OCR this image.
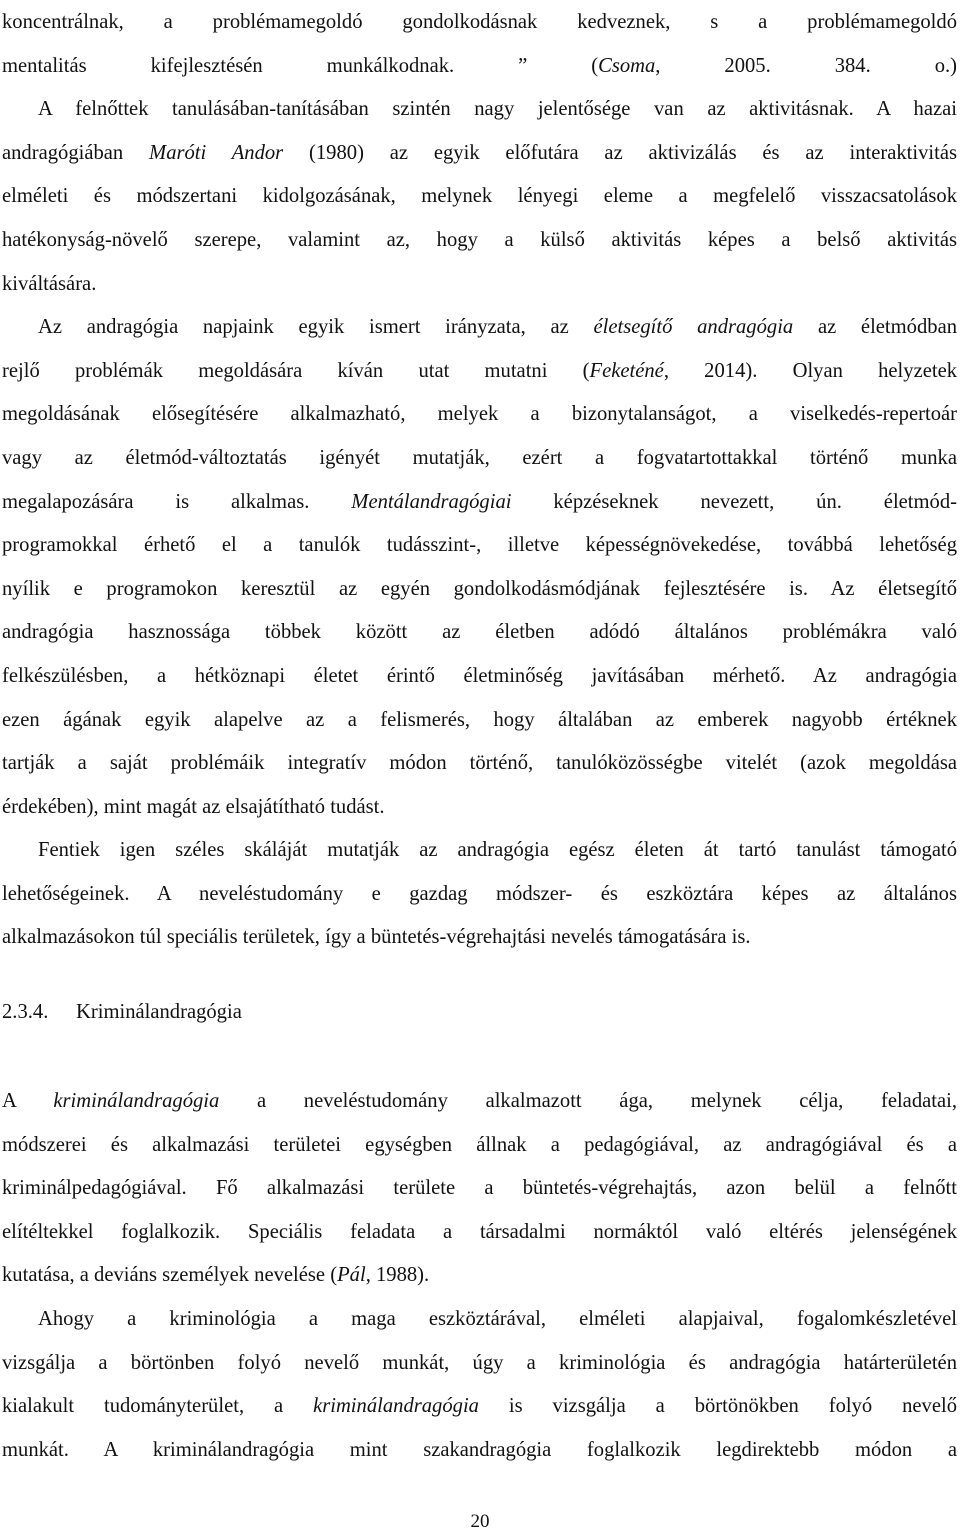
koncentrálnak, a problémamegoldó gondolkodásnak kedveznek, s a problémamegoldó
mentalitás kifejlesztésén munkálkodnak. ” (Csoma, 2005. 384. o.)
A felnőttek tanulásában-tanításában szintén nagy jelentősége van az aktivitásnak. A hazai
andragógiában Maróti Andor (1980) az egyik előfutára az aktivizálás és az interaktivitás
elméleti és módszertani kidolgozásának, melynek lényegi eleme a megfelelő visszacsatolások
hatékonyság-növelő szerepe, valamint az, hogy a külső aktivitás képes a belső aktivitás
kiváltására.
Az andragógia napjaink egyik ismert irányzata, az életsegítő andragógia az életmódban
rejlő problémák megoldására kíván utat mutatni (Feketéné, 2014). Olyan helyzetek
megoldásának elősegítésére alkalmazható, melyek a bizonytalanságot, a viselkedés-repertoár
vagy az életmód-változtatás igényét mutatják, ezért a fogvatartottakkal történő munka
megalapozására is alkalmas. Mentálandragógiai képzéseknek nevezett, ún. életmód-
programokkal érhető el a tanulók tudásszint-, illetve képességnövekedése, továbbá lehetőség
nyílik e programokon keresztül az egyén gondolkodásmódjának fejlesztésére is. Az életsegítő
andragógia hasznossága többek között az életben adódó általános problémákra való
felkészülésben, a hétköznapi életet érintő életminőség javításában mérhető. Az andragógia
ezen ágának egyik alapelve az a felismerés, hogy általában az emberek nagyobb értéknek
tartják a saját problémáik integratív módon történő, tanulóközösségbe vitelét (azok megoldása
érdekében), mint magát az elsajátítható tudást.
Fentiek igen széles skáláját mutatják az andragógia egész életen át tartó tanulást támogató
lehetőségeinek. A neveléstudomány e gazdag módszer- és eszköztára képes az általános
alkalmazásokon túl speciális területek, így a büntetés-végrehajtási nevelés támogatására is.
2.3.4. Kriminálandragógia
A kriminálandragógia a neveléstudomány alkalmazott ága, melynek célja, feladatai,
módszerei és alkalmazási területei egységben állnak a pedagógiával, az andragógiával és a
kriminálpedagógiával. Fő alkalmazási területe a büntetés-végrehajtás, azon belül a felnőtt
elítéltekkel foglalkozik. Speciális feladata a társadalmi normáktól való eltérés jelenségének
kutatása, a deviáns személyek nevelése (Pál, 1988).
Ahogy a kriminológia a maga eszköztárával, elméleti alapjaival, fogalomkészletével
vizsgálja a börtönben folyó nevelő munkát, úgy a kriminológia és andragógia határterületén
kialakult tudományterület, a kriminálandragógia is vizsgálja a börtönökben folyó nevelő
munkát. A kriminálandragógia mint szakandragógia foglalkozik legdirektebb módon a
20
